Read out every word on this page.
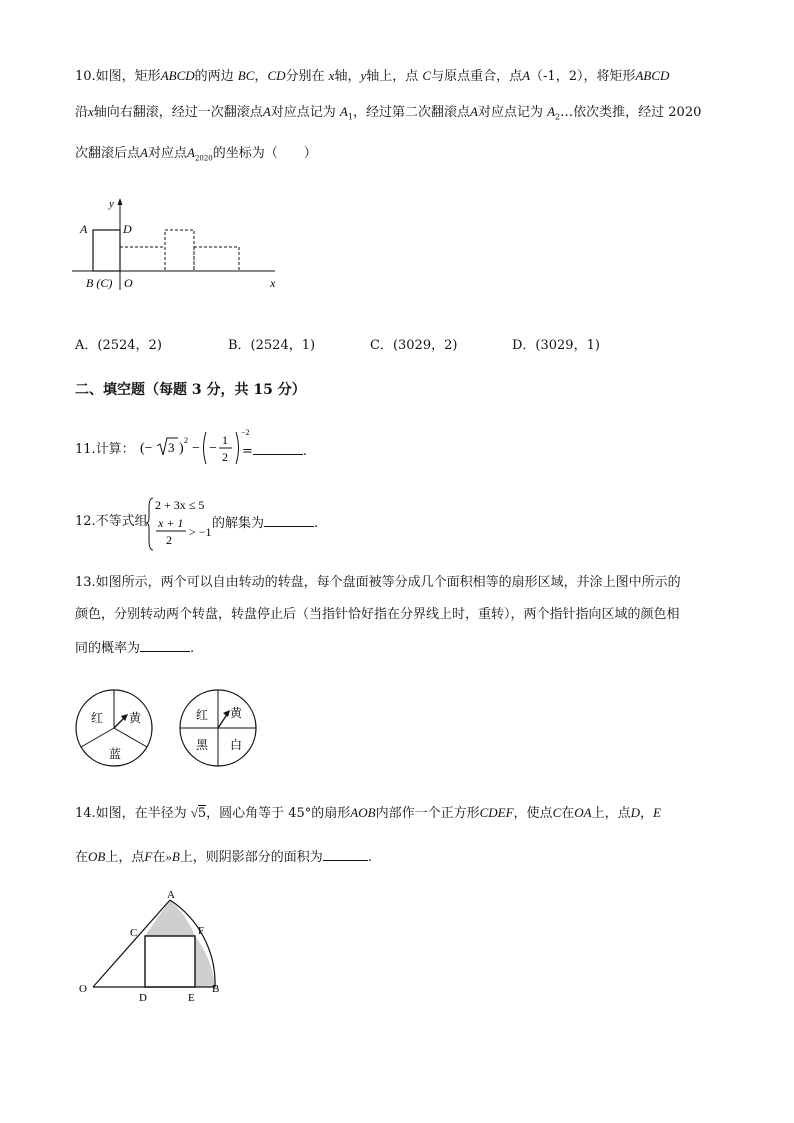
10.如图，矩形ABCD的两边 BC，CD分别在 x轴，y轴上，点 C与原点重合，点A（-1，2），将矩形ABCD
沿x轴向右翻滚，经过一次翻滚点A对应点记为 $A_1$，经过第二次翻滚点A对应点记为 $A_2\dots$依次类推，经过 2020
次翻滚后点A对应点$A_{2020}$的坐标为（　　）
A	D
B (C) O	x
y
A．(2524，2)	B．(2524，1)	C．(3029，2)	D．(3029，1)
二、填空题（每题 3 分，共 15 分）
11.计算： (− 3 )
2
− −
1
2
−2
=	.
12.不等式组
2 + 3x ≤ 5
x + 1
2
> −1
的解集为	.
13.如图所示，两个可以自由转动的转盘，每个盘面被等分成几个面积相等的扇形区域，并涂上图中所示的
颜色，分别转动两个转盘，转盘停止后（当指针恰好指在分界线上时，重转），两个指针指向区域的颜色相
同的概率为	.
红 黄
蓝
红 黄
黑 白
14.如图，在半径为 √5，圆心角等于 45°的扇形AOB内部作一个正方形CDEF，使点C在OA上，点D，E
在OB上，点F在»B上，则阴影部分的面积为	.
A
C	F
O
D	E
B
